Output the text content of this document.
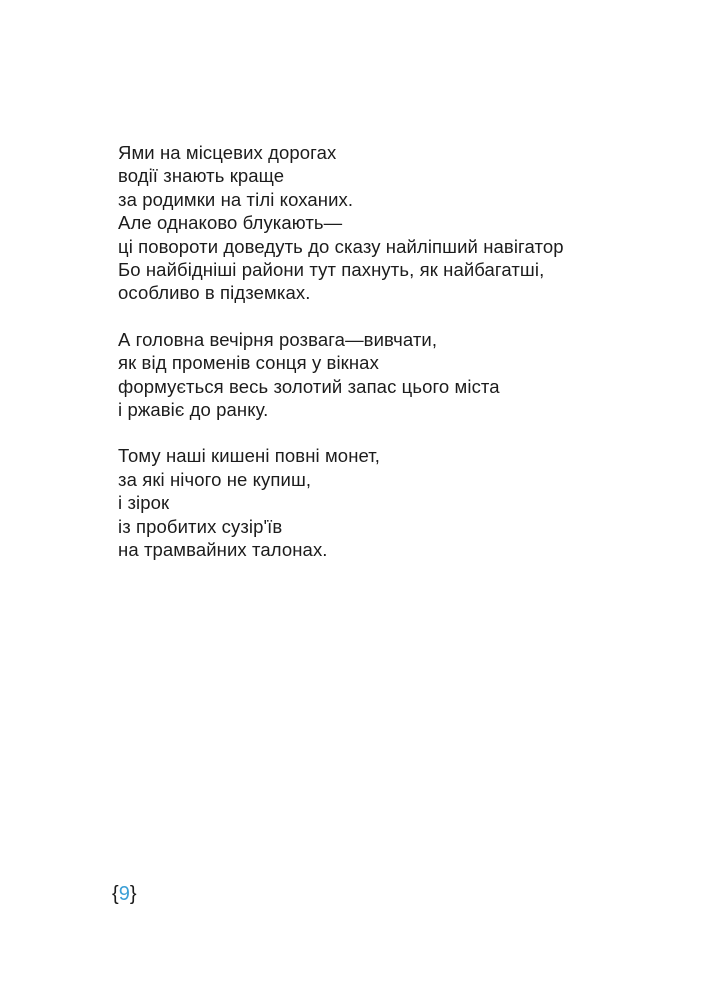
Ями на місцевих дорогах
водії знають краще
за родимки на тілі коханих.
Але однаково блукають—
ці повороти доведуть до сказу найліпший навігатор
Бо найбідніші райони тут пахнуть, як найбагатші,
особливо в підземках.
А головна вечірня розвага—вивчати,
як від променів сонця у вікнах
формується весь золотий запас цього міста
і ржавіє до ранку.
Тому наші кишені повні монет,
за які нічого не купиш,
і зірок
із пробитих сузір'їв
на трамвайних талонах.
{9}
